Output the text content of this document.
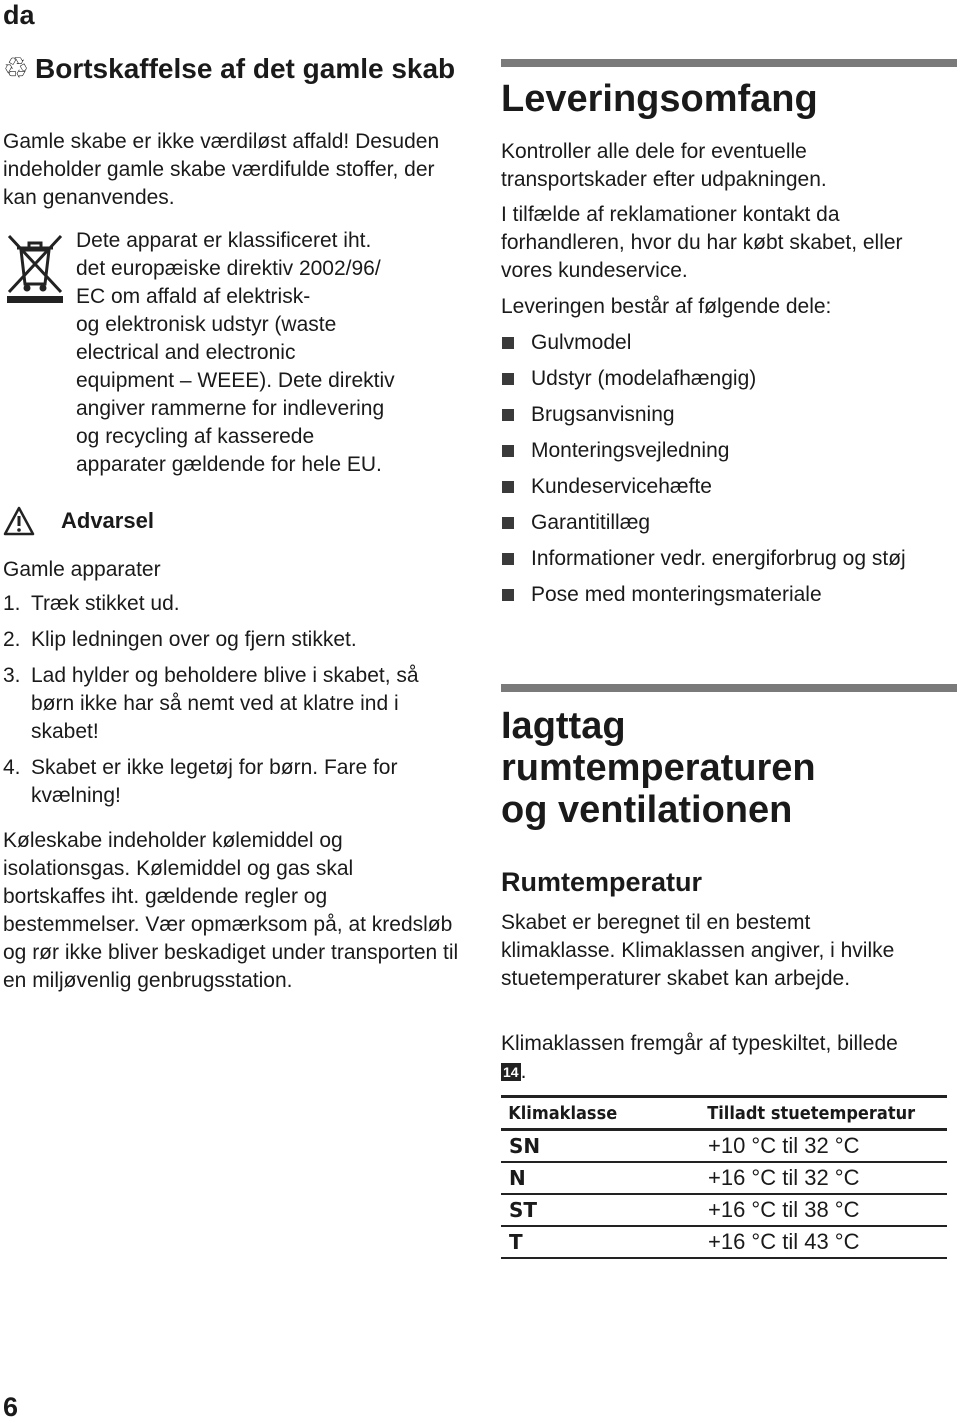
da
6
♲ Bortskaffelse af det gamle skab

Gamle skabe er ikke værdiløst affald! Desuden indeholder gamle skabe værdifulde stoffer, der kan genanvendes.

Dete apparat er klassificeret iht.
det europæiske direktiv 2002/96/
EC om affald af elektrisk-
og elektronisk udstyr (waste
electrical and electronic
equipment – WEEE). Dete direktiv
angiver rammerne for indlevering
og recycling af kasserede
apparater gældende for hele EU.
Advarsel

Gamle apparater

1. Træk stikket ud.
2. Klip ledningen over og fjern stikket.
3. Lad hylder og beholdere blive i skabet, så børn ikke har så nemt ved at klatre ind i skabet!
4. Skabet er ikke legetøj for børn. Fare for kvælning!

Køleskabe indeholder kølemiddel og isolationsgas. Kølemiddel og gas skal bortskaffes iht. gældende regler og bestemmelser. Vær opmærksom på, at kredsløb og rør ikke bliver beskadiget under transporten til en miljøvenlig genbrugsstation.

Leveringsomfang

Kontroller alle dele for eventuelle transportskader efter udpakningen.

I tilfælde af reklamationer kontakt da forhandleren, hvor du har købt skabet, eller vores kundeservice.

Leveringen består af følgende dele:

Gulvmodel
Udstyr (modelafhængig)
Brugsanvisning
Monteringsvejledning
Kundeservicehæfte
Garantitillæg
Informationer vedr. energiforbrug og støj
Pose med monteringsmateriale
Iagttag
rumtemperaturen
og ventilationen
Rumtemperatur

Skabet er beregnet til en bestemt klimaklasse. Klimaklassen angiver, i hvilke stuetemperaturer skabet kan arbejde.

Klimaklassen fremgår af typeskiltet, billede 14.

Klimaklasse	Tilladt stuetemperatur
SN	+10 °C til 32 °C
N	+16 °C til 32 °C
ST	+16 °C til 38 °C
T	+16 °C til 43 °C
